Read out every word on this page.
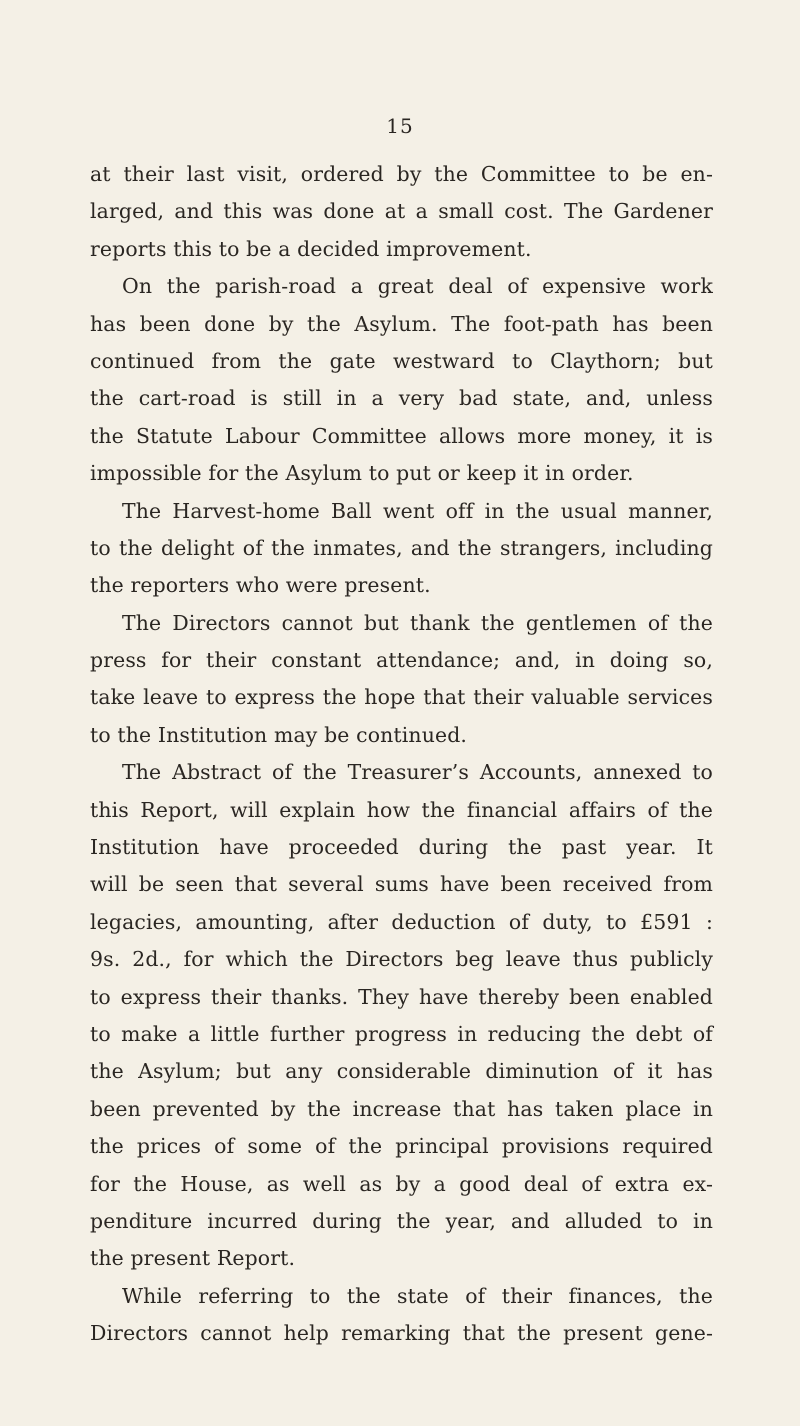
15
at their last visit, ordered by the Committee to be en-
larged, and this was done at a small cost. The Gardener
reports this to be a decided improvement.
On the parish-road a great deal of expensive work
has been done by the Asylum. The foot-path has been
continued from the gate westward to Claythorn; but
the cart-road is still in a very bad state, and, unless
the Statute Labour Committee allows more money, it is
impossible for the Asylum to put or keep it in order.
The Harvest-home Ball went off in the usual manner,
to the delight of the inmates, and the strangers, including
the reporters who were present.
The Directors cannot but thank the gentlemen of the
press for their constant attendance; and, in doing so,
take leave to express the hope that their valuable services
to the Institution may be continued.
The Abstract of the Treasurer’s Accounts, annexed to
this Report, will explain how the financial affairs of the
Institution have proceeded during the past year. It
will be seen that several sums have been received from
legacies, amounting, after deduction of duty, to £591 :
9s. 2d., for which the Directors beg leave thus publicly
to express their thanks. They have thereby been enabled
to make a little further progress in reducing the debt of
the Asylum; but any considerable diminution of it has
been prevented by the increase that has taken place in
the prices of some of the principal provisions required
for the House, as well as by a good deal of extra ex-
penditure incurred during the year, and alluded to in
the present Report.
While referring to the state of their finances, the
Directors cannot help remarking that the present gene-
